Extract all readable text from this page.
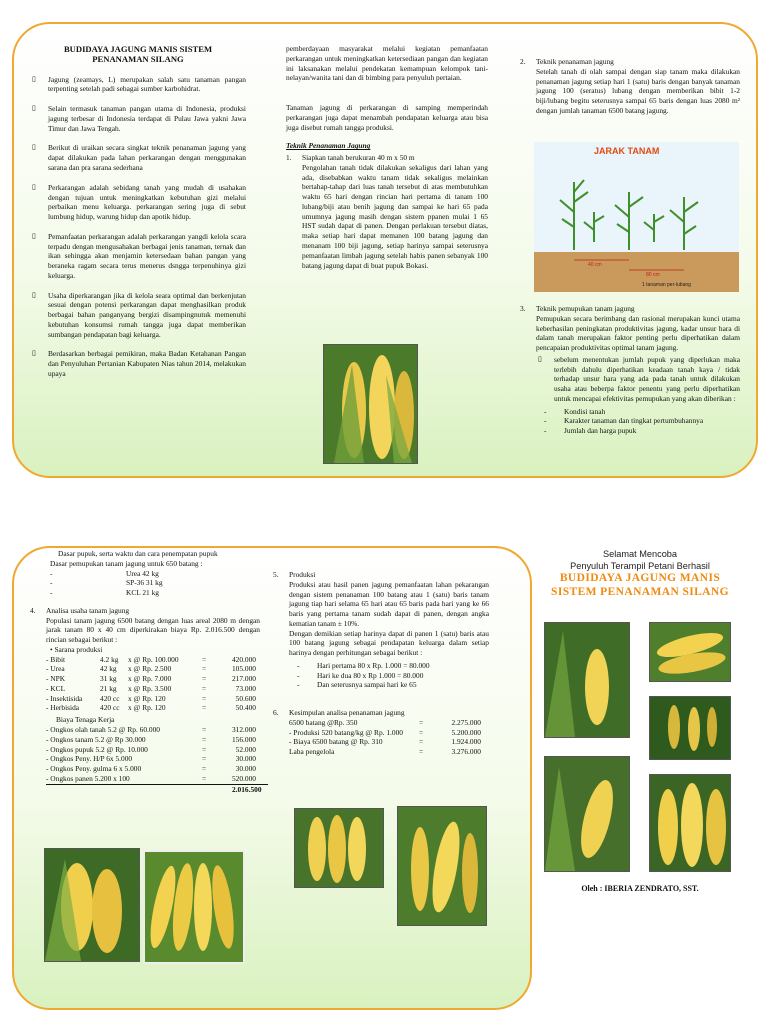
BUDIDAYA JAGUNG MANIS SISTEM
PENANAMAN SILANG
▯ Jagung (zeamays, L) merupakan salah satu tanaman pangan terpenting setelah padi sebagai sumber karbohidrat.
▯ Selain termasuk tanaman pangan utama di Indonesia, produksi jagung terbesar di Indonesia terdapat di Pulau Jawa yakni Jawa Timur dan Jawa Tengah.
▯ Berikut di uraikan secara singkat teknik penanaman jagung yang dapat dilakukan pada lahan perkarangan dengan menggunakan sarana dan pra sarana sederhana
▯ Perkarangan adalah sebidang tanah yang mudah di usahakan dengan tujuan untuk meningkatkan kebutuhan gizi melalui perbaikan menu keluarga. perkarangan sering juga di sebut lumbung hidup, warung hidup dan apotik hidup.
▯ Pemanfaatan perkarangan adalah perkarangan yangdi kelola scara terpadu dengan mengusahakan berbagai jenis tanaman, ternak dan ikan sehingga akan menjamin ketersedaan bahan pangan yang beraneka ragam secara terus menerus dsngga terpenuhinya gizi keluarga.
▯ Usaha diperkarangan jika di kelola seara optimal dan berkenjutan sesuai dengan potensi perkarangan dapat menghasilkan produk berbagai bahan panganyang bergizi disampingnutuk memenuhi kebutuhan konsumsi rumah tangga juga dapat memberikan sumbangan pendapatan bagi keluarga.
▯ Berdasarkan berbagai pemikiran, maka Badan Ketahanan Pangan dan Penyuluhan Pertanian Kabupaten Nias tahun 2014, melakukan upaya

pemberdayaan masyarakat melalui kegiatan pemanfaatan perkarangan untuk meningkatkan ketersediaan pangan dan kegiatan ini laksanakan melalui pendekatan kemampuan kelompok tani-nelayan/wanita tani dan di bimbing para penyuluh pertaian.

Tanaman jagung di perkarangan di samping memperindah perkarangan juga dapat menambah pendapatan keluarga atau bisa juga disebut rumah tangga produksi.

Teknik Penanaman Jagung
1. Siapkan tanah berukuran 40 m x 50 m
Pengolahan tanah tidak dilakukan sekaligus dari lahan yang ada, disebabkan waktu tanam tidak sekaligus melainkan bertahap-tahap dari luas tanah tersebut di atas membutuhkan waktu 65 hari dengan rincian hari pertama di tanam 100 lubang/biji atau benih jagung dan sampai ke hari 65 pada umumnya jagung masih dengan sistem ppanen mulai 1 65 HST sudah dapat di panen. Dengan perlakuan tersebut diatas, maka setiap hari dapat memanen 100 batang jagung dan menanam 100 biji jagung, setiap harinya sampai seterusnya pemanfaatan limbah jagung setelah habis panen sebanyak 100 batang jagung dapat di buat pupuk Bokasi.
2. Teknik penanaman jagung
Setelah tanah di olah sampai dengan siap tanam maka dilakukan penanaman jagung setiap hari 1 (satu) baris dengan banyak tanaman jagung 100 (seratus) lubang dengan memberikan bibit 1-2 biji/lubang begitu seterusnya sampai 65 baris dengan luas 2080 m² dengan jumlah tanaman 6500 batang jagung.
JARAK TANAM
40 cm
80 cm
1 tanaman per-lubang
3. Teknik pemupukan tanam jagung
Pemupukan secara berimbang dan rasional merupakan kunci utama keberhasilan peningkatan produktivitas jagung, kadar unsur hara di dalam tanah merupakan faktor penting perlu diperhatikan dalam pencapaian produktivitas optimal tanam jagung.
▯ sebelum menentukan jumlah pupuk yang diperlukan maka terlebih dahulu diperhatikan keadaan tanah kaya / tidak terhadap unsur hara yang ada pada tanah untuk dilakukan usaha atau beberpa faktor penentu yang perlu diperhatikan untuk mencapai efektivitas pemupukan yang akan diberikan :
- Kondisi tanah
- Karakter tanaman dan tingkat pertumbuhannya
- Jumlah dan harga pupuk
Dasar pupuk, serta waktu dan cara penempatan pupuk
Dasar pemupukan tanam jagung untuk 650 batang :
-	Urea 42 kg
-	SP-36 31 kg
-	KCL 21 kg
4. Analisa usaha tanam jagung
Populasi tanam jagung 6500 batang dengan luas areal 2080 m dengan jarak tanam 80 x 40 cm diperkirakan biaya Rp. 2.016.500 dengan rincian sebagai berikut :
• Sarana produksi
- Bibit	4.2 kg	x @ Rp. 100.000	=	420.000
- Urea	42 kg	x @ Rp. 2.500	=	105.000
- NPK	31 kg	x @ Rp. 7.000	=	217.000
- KCL	21 kg	x @ Rp. 3.500	=	73.000
- Insektisida	420 cc	x @ Rp. 120	=	50.600
- Herbisida	420 cc	x @ Rp. 120	=	50.400
Biaya Tenaga Kerja
- Ongkos olah tanah 5.2 @ Rp. 60.000	=	312.000
- Ongkos tanam 5.2 @ Rp 30.000	=	156.000
- Ongkos pupuk 5.2 @ Rp. 10.000	=	52.000
- Ongkos Peny. H/P 6x 5.000	=	30.000
- Ongkos Peny. gulma 6 x 5.000	=	30.000
- Ongkos panen 5.200 x 100	=	520.000
2.016.500
5. Produksi
Produksi atau hasil panen jagung pemanfaatan lahan pekarangan dengan sistem penanaman 100 batang atau 1 (satu) baris tanam jagung tiap hari selama 65 hari atau 65 baris pada hari yang ke 66 baris yang pertama tanam sudah dapat di panen, dengan angka kematian tanam ± 10%.
Dengan demikian setiap harinya dapat di panen 1 (satu) baris atau 100 batang jagung sebagai pendapatan keluarga dalam setiap harinya dengan perhitungan sebagai berikut :
- Hari pertama 80 x Rp. 1.000 = 80.000
- Hari ke dua 80 x Rp 1.000 = 80.000
- Dan seterusnya sampai hari ke 65
6. Kesimpulan analisa penanaman jagung
6500 batang @Rp. 350	=	2.275.000
- Produksi 520 batang/kg @ Rp. 1.000	=	5.200.000
- Biaya 6500 batang @ Rp. 310	=	1.924.000
Laba pengelola	=	3.276.000
Selamat Mencoba
Penyuluh Terampil Petani Berhasil
BUDIDAYA JAGUNG MANIS
SISTEM PENANAMAN SILANG
Oleh : IBERIA ZENDRATO, SST.
